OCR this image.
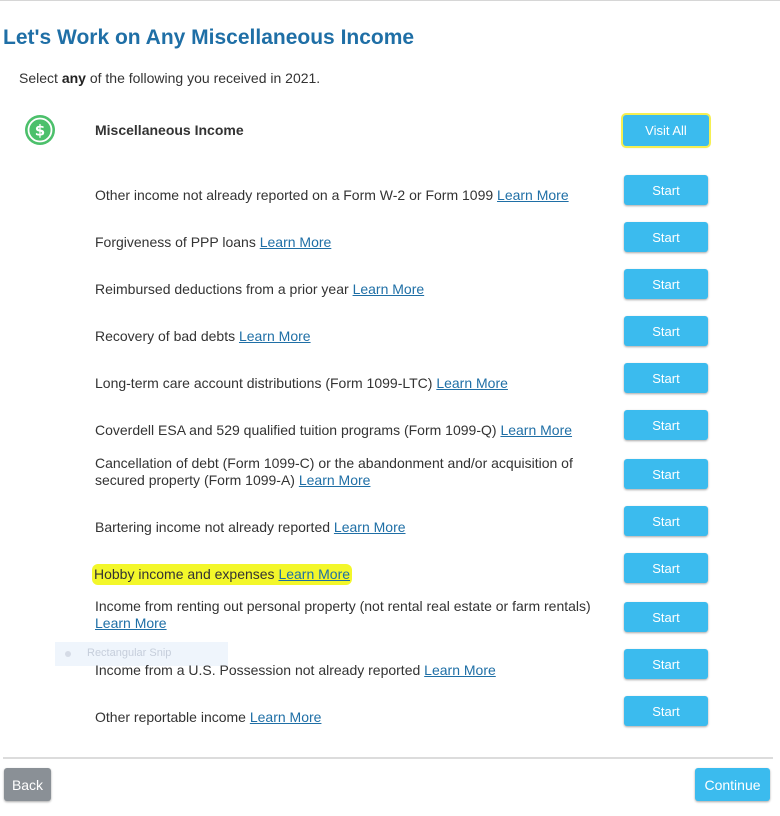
Let's Work on Any Miscellaneous Income
Select any of the following you received in 2021.
$	Miscellaneous Income	Visit All
Other income not already reported on a Form W-2 or Form 1099 Learn More	Start
Forgiveness of PPP loans Learn More	Start
Reimbursed deductions from a prior year Learn More	Start
Recovery of bad debts Learn More	Start
Long-term care account distributions (Form 1099-LTC) Learn More	Start
Coverdell ESA and 529 qualified tuition programs (Form 1099-Q) Learn More	Start
Cancellation of debt (Form 1099-C) or the abandonment and/or acquisition of secured property (Form 1099-A) Learn More	Start
Bartering income not already reported Learn More	Start
Hobby income and expenses Learn More	Start
Income from renting out personal property (not rental real estate or farm rentals) Learn More	Start
Rectangular Snip
Income from a U.S. Possession not already reported Learn More	Start
Other reportable income Learn More	Start
Back	Continue
